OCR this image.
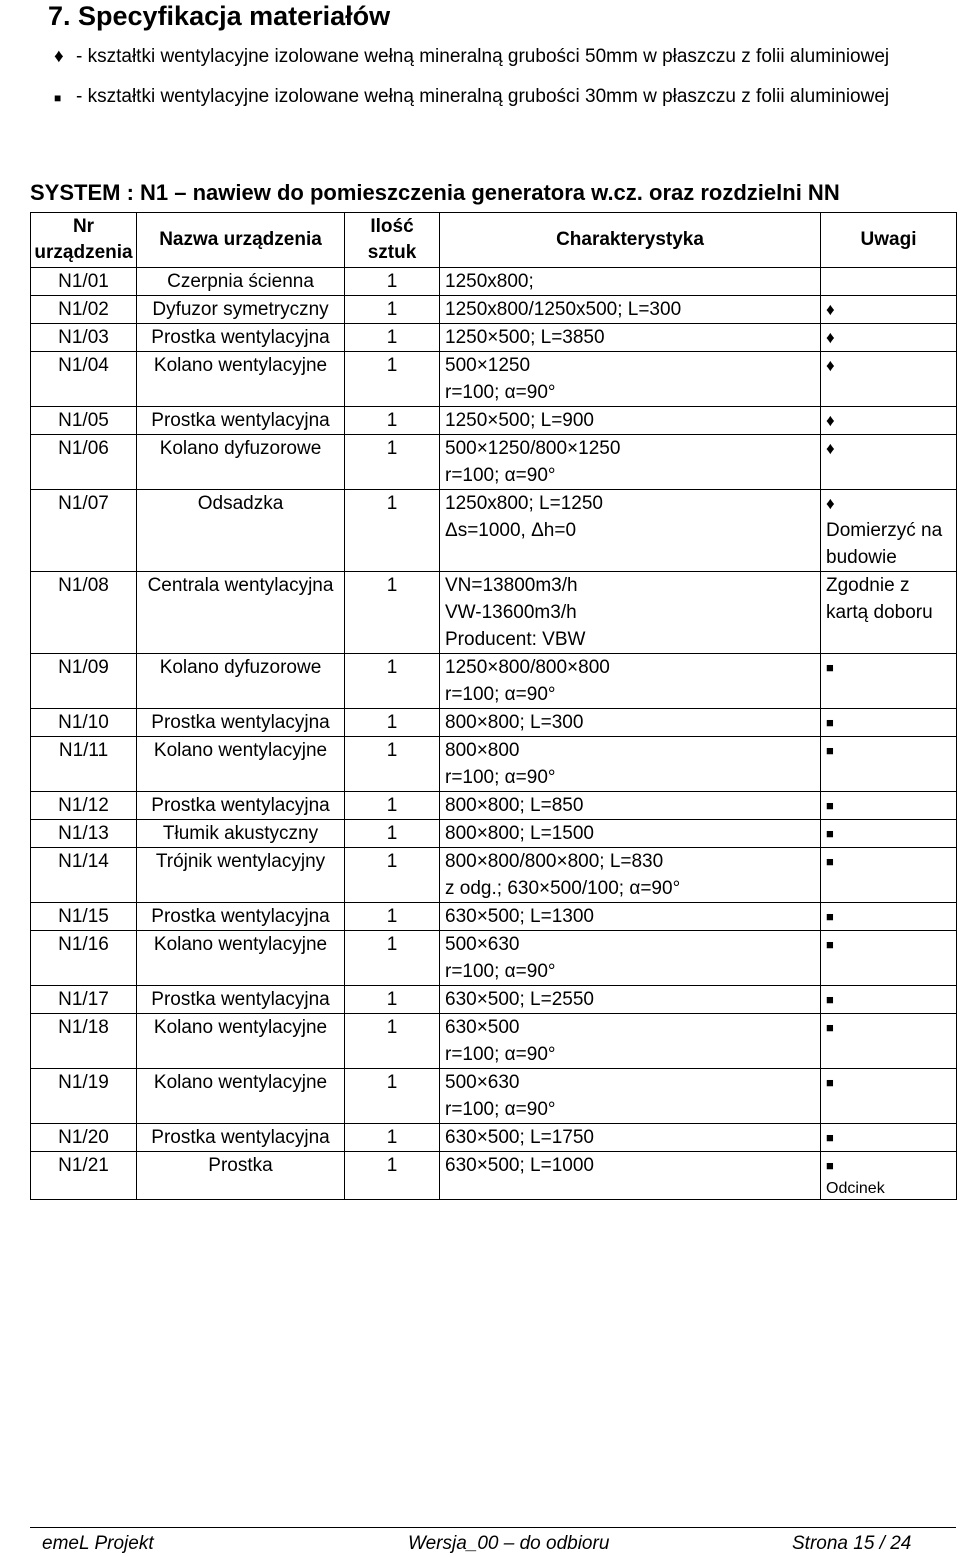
7. Specyfikacja materiałów
♦ - kształtki wentylacyjne izolowane wełną mineralną grubości 50mm w płaszczu z folii aluminiowej
■ - kształtki wentylacyjne izolowane wełną mineralną grubości 30mm w płaszczu z folii aluminiowej
SYSTEM : N1 – nawiew do pomieszczenia generatora w.cz. oraz rozdzielni NN
Nr urządzenia	Nazwa urządzenia	Ilość sztuk	Charakterystyka	Uwagi
N1/01	Czerpnia ścienna	1	1250x800;	
N1/02	Dyfuzor symetryczny	1	1250x800/1250x500; L=300	♦

N1/03	Prostka wentylacyjna	1	1250×500; L=3850	♦

N1/04	Kolano wentylacyjne	1	500×1250
r=100; α=90°	♦

N1/05	Prostka wentylacyjna	1	1250×500; L=900	♦

N1/06	Kolano dyfuzorowe	1	500×1250/800×1250
r=100; α=90°	♦

N1/07	Odsadzka	1	1250x800; L=1250
Δs=1000, Δh=0	♦
Domierzyć na budowie

N1/08	Centrala wentylacyjna	1	VN=13800m3/h
VW-13600m3/h
Producent: VBW	Zgodnie z kartą doboru

N1/09	Kolano dyfuzorowe	1	1250×800/800×800
r=100; α=90°	■

N1/10	Prostka wentylacyjna	1	800×800; L=300	■

N1/11	Kolano wentylacyjne	1	800×800
r=100; α=90°	■

N1/12	Prostka wentylacyjna	1	800×800; L=850	■

N1/13	Tłumik akustyczny	1	800×800; L=1500	■

N1/14	Trójnik wentylacyjny	1	800×800/800×800; L=830
z odg.; 630×500/100; α=90°	■

N1/15	Prostka wentylacyjna	1	630×500; L=1300	■

N1/16	Kolano wentylacyjne	1	500×630
r=100; α=90°	■

N1/17	Prostka wentylacyjna	1	630×500; L=2550	■

N1/18	Kolano wentylacyjne	1	630×500
r=100; α=90°	■

N1/19	Kolano wentylacyjne	1	500×630
r=100; α=90°	■

N1/20	Prostka wentylacyjna	1	630×500; L=1750	■

N1/21	Prostka	1	630×500; L=1000	■
Odcinek
emeL Projekt	Wersja_00 – do odbioru	Strona 15 / 24
